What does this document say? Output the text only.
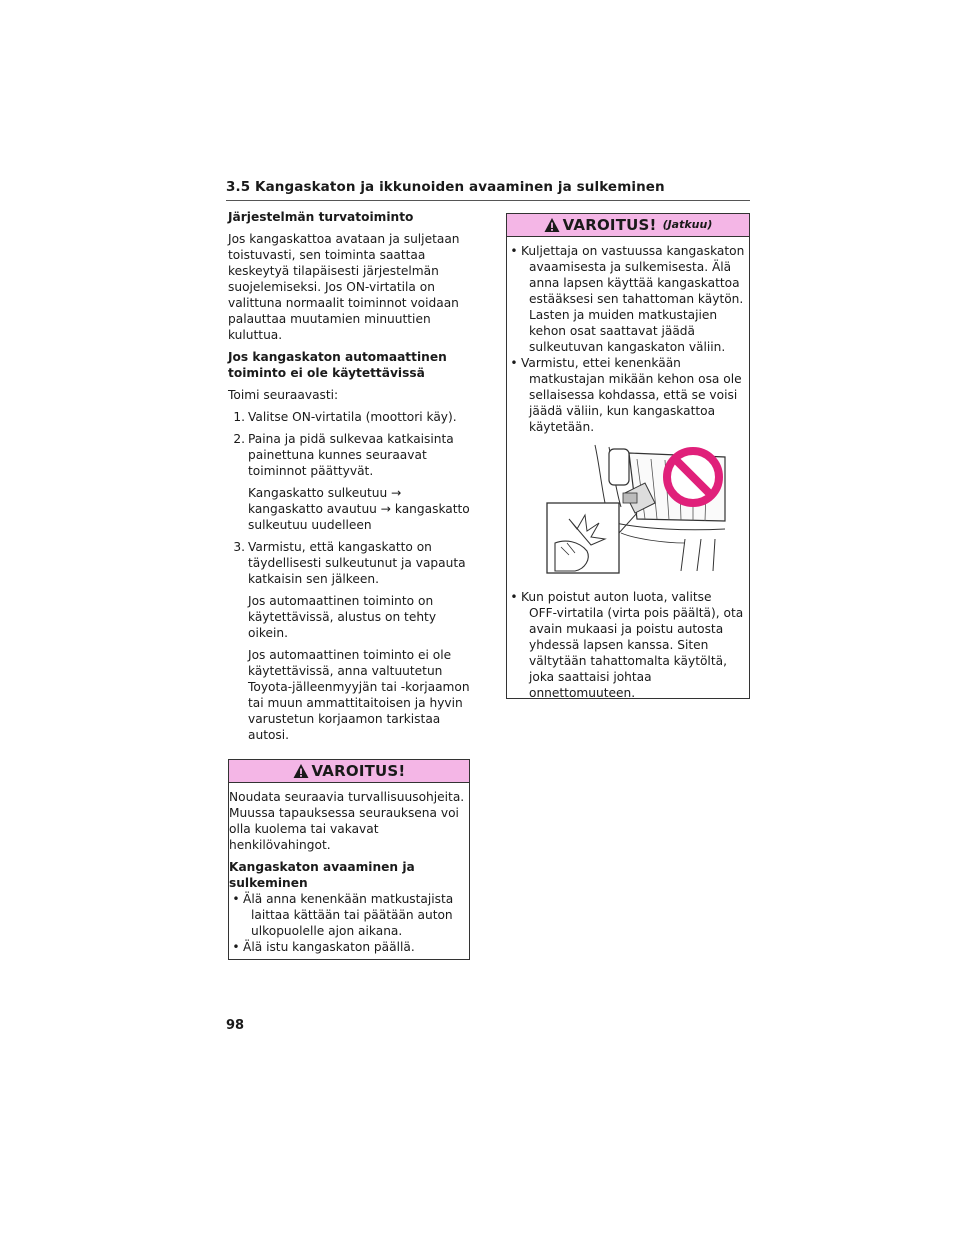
3.5 Kangaskaton ja ikkunoiden avaaminen ja sulkeminen
Järjestelmän turvatoiminto
Jos kangaskattoa avataan ja suljetaan toistuvasti, sen toiminta saattaa keskeytyä tilapäisesti järjestelmän suojelemiseksi. Jos ON-virtatila on valittuna normaalit toiminnot voidaan palauttaa muutamien minuuttien kuluttua.
Jos kangaskaton automaattinen toiminto ei ole käytettävissä
Toimi seuraavasti:
1. Valitse ON-virtatila (moottori käy).
2. Paina ja pidä sulkevaa katkaisinta painettuna kunnes seuraavat toiminnot päättyvät.
Kangaskatto sulkeutuu → kangaskatto avautuu → kangaskatto sulkeutuu uudelleen
3. Varmistu, että kangaskatto on täydellisesti sulkeutunut ja vapauta katkaisin sen jälkeen.
Jos automaattinen toiminto on käytettävissä, alustus on tehty oikein.
Jos automaattinen toiminto ei ole käytettävissä, anna valtuutetun Toyota-jälleenmyyjän tai -korjaamon tai muun ammattitaitoisen ja hyvin varustetun korjaamon tarkistaa autosi.
VAROITUS!
Noudata seuraavia turvallisuusohjeita. Muussa tapauksessa seurauksena voi olla kuolema tai vakavat henkilövahingot.
Kangaskaton avaaminen ja sulkeminen
• Älä anna kenenkään matkustajista
laittaa kättään tai päätään auton ulkopuolelle ajon aikana.
• Älä istu kangaskaton päällä.
VAROITUS! (Jatkuu)
• Kuljettaja on vastuussa kangaskaton
avaamisesta ja sulkemisesta. Älä anna lapsen käyttää kangaskattoa estääksesi sen tahattoman käytön. Lasten ja muiden matkustajien kehon osat saattavat jäädä sulkeutuvan kangaskaton väliin.
• Varmistu, ettei kenenkään
matkustajan mikään kehon osa ole sellaisessa kohdassa, että se voisi jäädä väliin, kun kangaskattoa käytetään.
• Kun poistut auton luota, valitse
OFF-virtatila (virta pois päältä), ota avain mukaasi ja poistu autosta yhdessä lapsen kanssa. Siten vältytään tahattomalta käytöltä, joka saattaisi johtaa onnettomuuteen.
98
